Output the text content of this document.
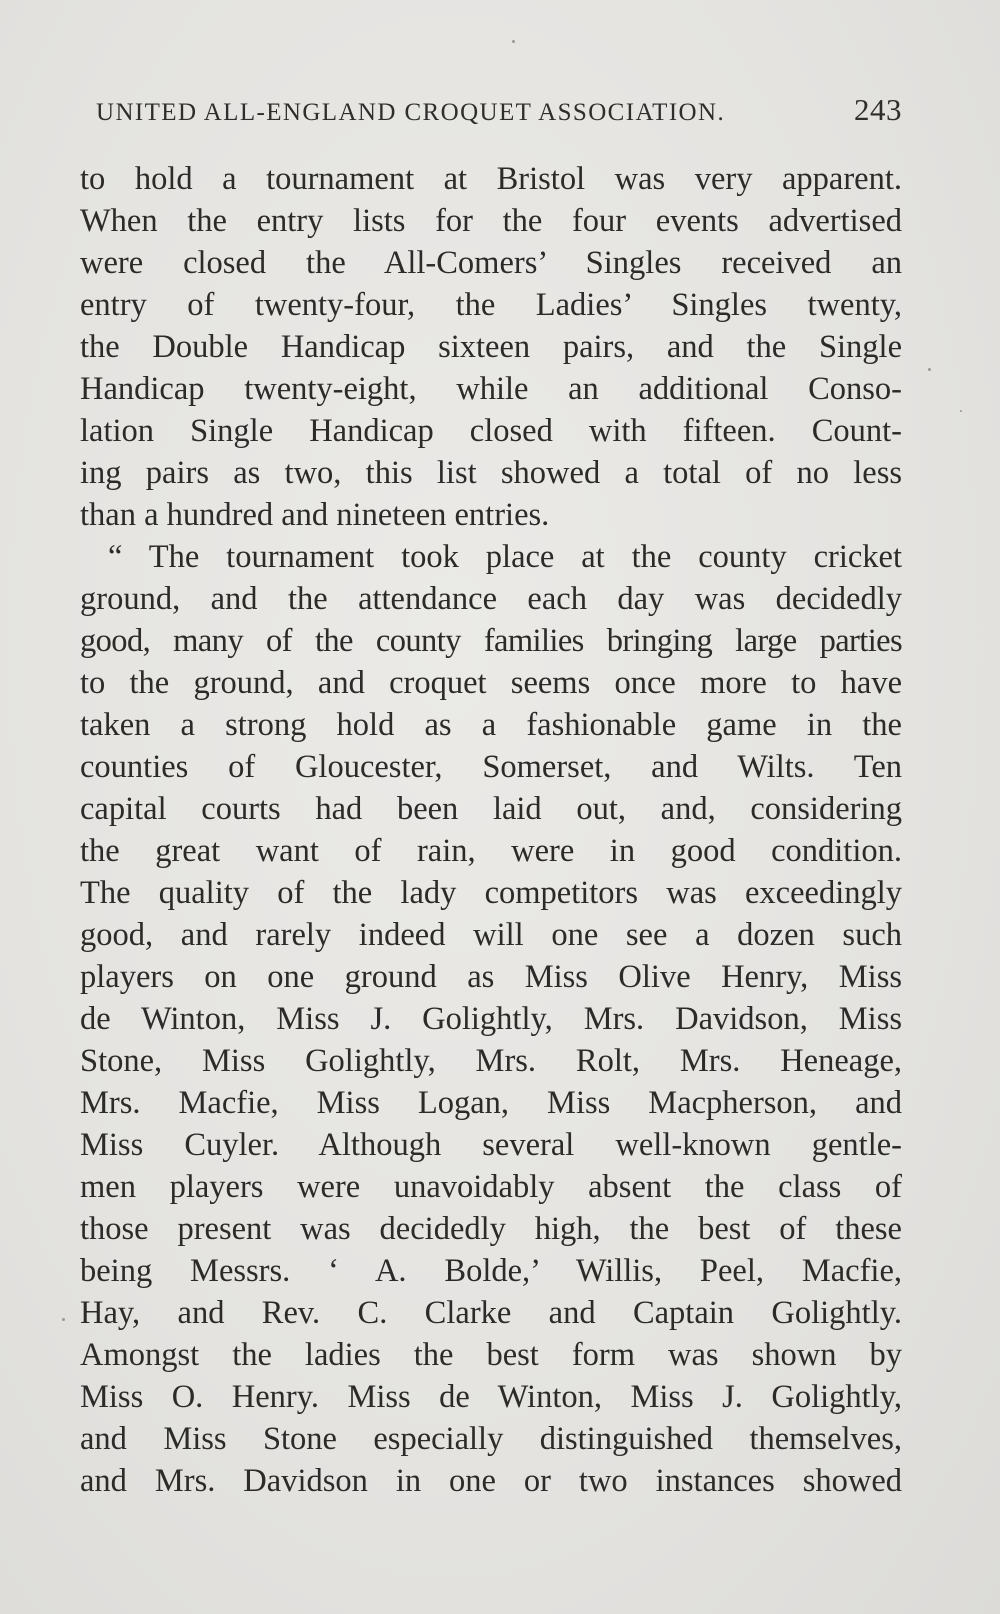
UNITED ALL-ENGLAND CROQUET ASSOCIATION.	243
to hold a tournament at Bristol was very apparent.
When the entry lists for the four events advertised
were closed the All-Comers’ Singles received an
entry of twenty-four, the Ladies’ Singles twenty,
the Double Handicap sixteen pairs, and the Single
Handicap twenty-eight, while an additional Conso-
lation Single Handicap closed with fifteen. Count-
ing pairs as two, this list showed a total of no less
than a hundred and nineteen entries.
“ The tournament took place at the county cricket
ground, and the attendance each day was decidedly
good, many of the county families bringing large parties
to the ground, and croquet seems once more to have
taken a strong hold as a fashionable game in the
counties of Gloucester, Somerset, and Wilts. Ten
capital courts had been laid out, and, considering
the great want of rain, were in good condition.
The quality of the lady competitors was exceedingly
good, and rarely indeed will one see a dozen such
players on one ground as Miss Olive Henry, Miss
de Winton, Miss J. Golightly, Mrs. Davidson, Miss
Stone, Miss Golightly, Mrs. Rolt, Mrs. Heneage,
Mrs. Macfie, Miss Logan, Miss Macpherson, and
Miss Cuyler. Although several well-known gentle-
men players were unavoidably absent the class of
those present was decidedly high, the best of these
being Messrs. ‘ A. Bolde,’ Willis, Peel, Macfie,
Hay, and Rev. C. Clarke and Captain Golightly.
Amongst the ladies the best form was shown by
Miss O. Henry. Miss de Winton, Miss J. Golightly,
and Miss Stone especially distinguished themselves,
and Mrs. Davidson in one or two instances showed
